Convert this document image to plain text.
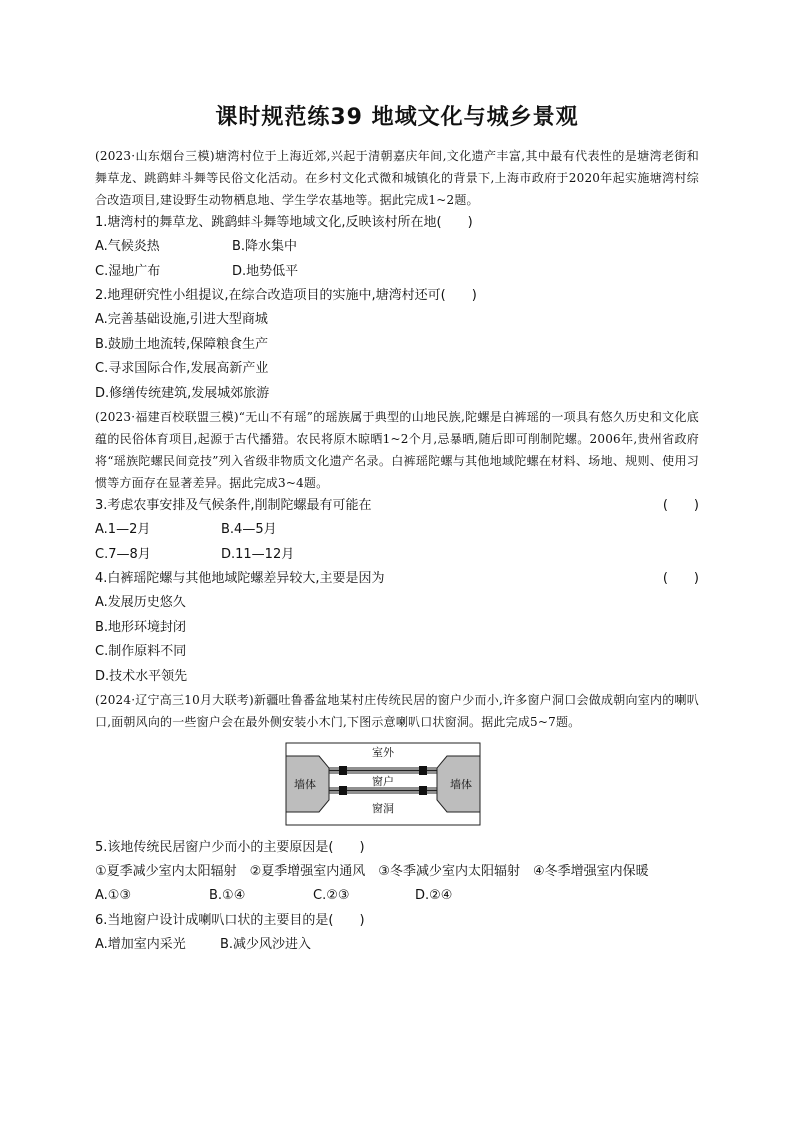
课时规范练39 地域文化与城乡景观
(2023·山东烟台三模)塘湾村位于上海近郊,兴起于清朝嘉庆年间,文化遗产丰富,其中最有代表性的是塘湾老街和舞草龙、跳鹞蚌斗舞等民俗文化活动。在乡村文化式微和城镇化的背景下,上海市政府于2020年起实施塘湾村综合改造项目,建设野生动物栖息地、学生学农基地等。据此完成1~2题。
1.塘湾村的舞草龙、跳鹞蚌斗舞等地域文化,反映该村所在地(　　)
A.气候炎热	B.降水集中
C.湿地广布	D.地势低平
2.地理研究性小组提议,在综合改造项目的实施中,塘湾村还可(　　)
A.完善基础设施,引进大型商城
B.鼓励土地流转,保障粮食生产
C.寻求国际合作,发展高新产业
D.修缮传统建筑,发展城郊旅游
(2023·福建百校联盟三模)“无山不有瑶”的瑶族属于典型的山地民族,陀螺是白裤瑶的一项具有悠久历史和文化底蕴的民俗体育项目,起源于古代播猎。农民将原木晾晒1~2个月,忌暴晒,随后即可削制陀螺。2006年,贵州省政府将“瑶族陀螺民间竞技”列入省级非物质文化遗产名录。白裤瑶陀螺与其他地域陀螺在材料、场地、规则、使用习惯等方面存在显著差异。据此完成3~4题。
3.考虑农事安排及气候条件,削制陀螺最有可能在	(　　)
A.1—2月	B.4—5月
C.7—8月	D.11—12月
4.白裤瑶陀螺与其他地域陀螺差异较大,主要是因为	(　　)
A.发展历史悠久
B.地形环境封闭
C.制作原料不同
D.技术水平领先
(2024·辽宁高三10月大联考)新疆吐鲁番盆地某村庄传统民居的窗户少而小,许多窗户洞口会做成朝向室内的喇叭口,面朝风向的一些窗户会在最外侧安装小木门,下图示意喇叭口状窗洞。据此完成5~7题。
室外
窗户
窗洞
墙体	墙体
5.该地传统民居窗户少而小的主要原因是(　　)
①夏季减少室内太阳辐射　②夏季增强室内通风　③冬季减少室内太阳辐射　④冬季增强室内保暖
A.①③	B.①④	C.②③	D.②④
6.当地窗户设计成喇叭口状的主要目的是(　　)
A.增加室内采光	B.减少风沙进入
